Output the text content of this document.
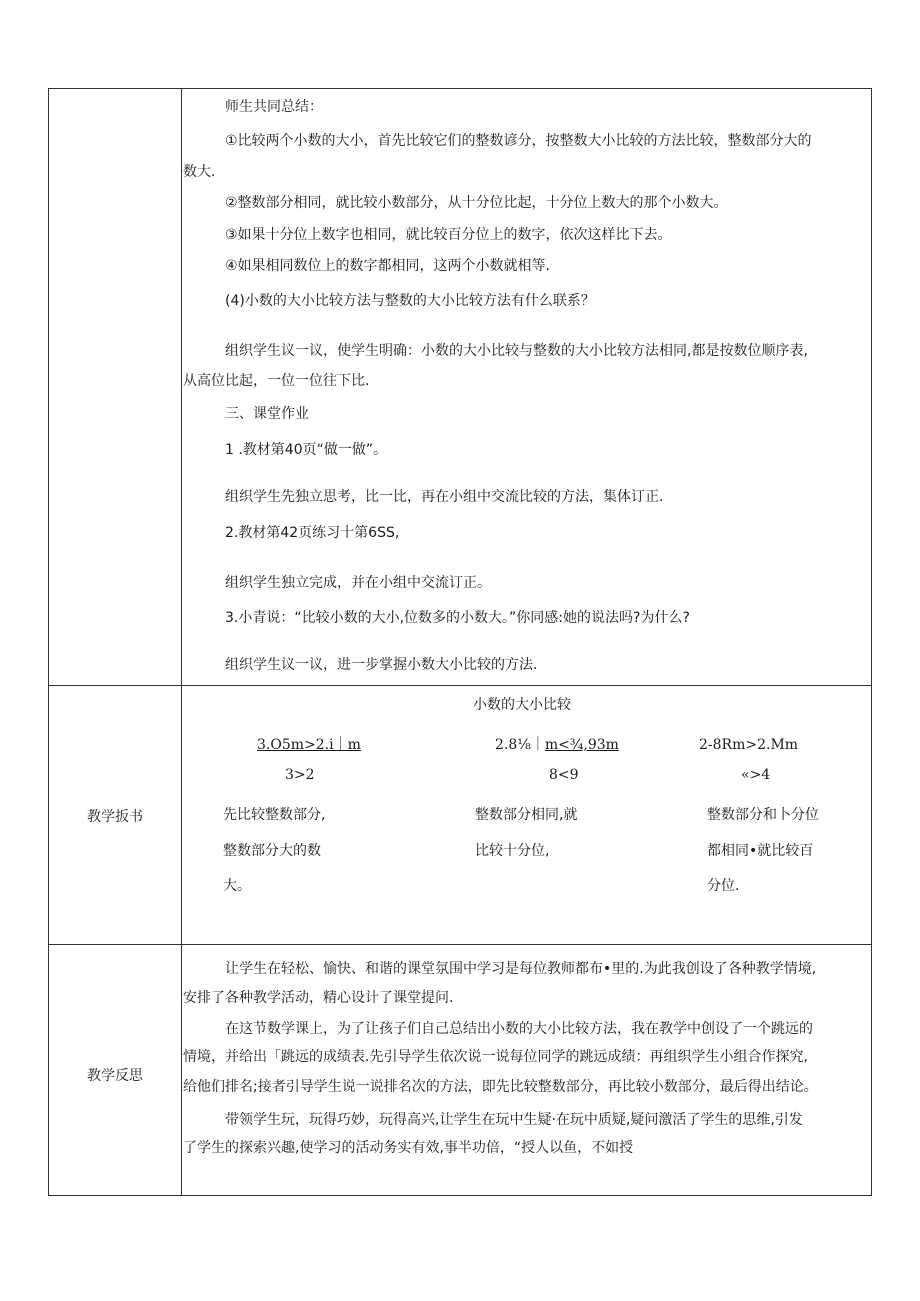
师生共同总结：
①比较两个小数的大小，首先比较它们的整数谚分，按整数大小比较的方法比较，整数部分大的
数大.
②整数部分相同，就比较小数部分，从十分位比起，十分位上数大的那个小数大。
③如果十分位上数字也相同，就比较百分位上的数字，依次这样比下去。
④如果相同数位上的数字都相同，这两个小数就相等.
(4)小数的大小比较方法与整数的大小比较方法有什么联系？
组织学生议一议，使学生明确：小数的大小比较与整数的大小比较方法相同,都是按数位顺序表,
从高位比起，一位一位往下比.
三、课堂作业
1 .教材第40页“做一做”。
组织学生先独立思考，比一比，再在小组中交流比较的方法，集体订正.
2.教材第42页练习十第6SS,
组织学生独立完成，并在小组中交流订正。
3.小青说：“比较小数的大小,位数多的小数大。”你同感:她的说法吗?为什么?
组织学生议一议，进一步掌握小数大小比较的方法.
教学扳书
小数的大小比较
3.O5m>2.i｜m
3>2
先比较整数部分,
整数部分大的数
大。
2.8⅛｜m<¾,93m
8<9
整数部分相同,就
比较十分位,
2-8Rm>2.Mm
«>4
整数部分和卜分位
都相同•就比较百
分位.
教学反思
让学生在轻松、愉快、和谐的课堂氛围中学习是每位教师都布•里的.为此我创设了各种教学情境,
安排了各种教学活动，精心设计了课堂提问.
在这节数学课上，为了让孩子们自己总结出小数的大小比较方法，我在教学中创设了一个跳远的
情境，并给出「跳远的成绩表.先引导学生依次说一说每位同学的跳远成绩：再组织学生小组合作探究,
给他们排名;接者引导学生说一说排名次的方法，即先比较整数部分，再比较小数部分，最后得出结论。
带领学生玩，玩得巧妙，玩得高兴,让学生在玩中生疑·在玩中质疑,疑问激活了学生的思维,引发
了学生的探索兴趣,使学习的活动务实有效,事半功倍，“授人以鱼，不如授
